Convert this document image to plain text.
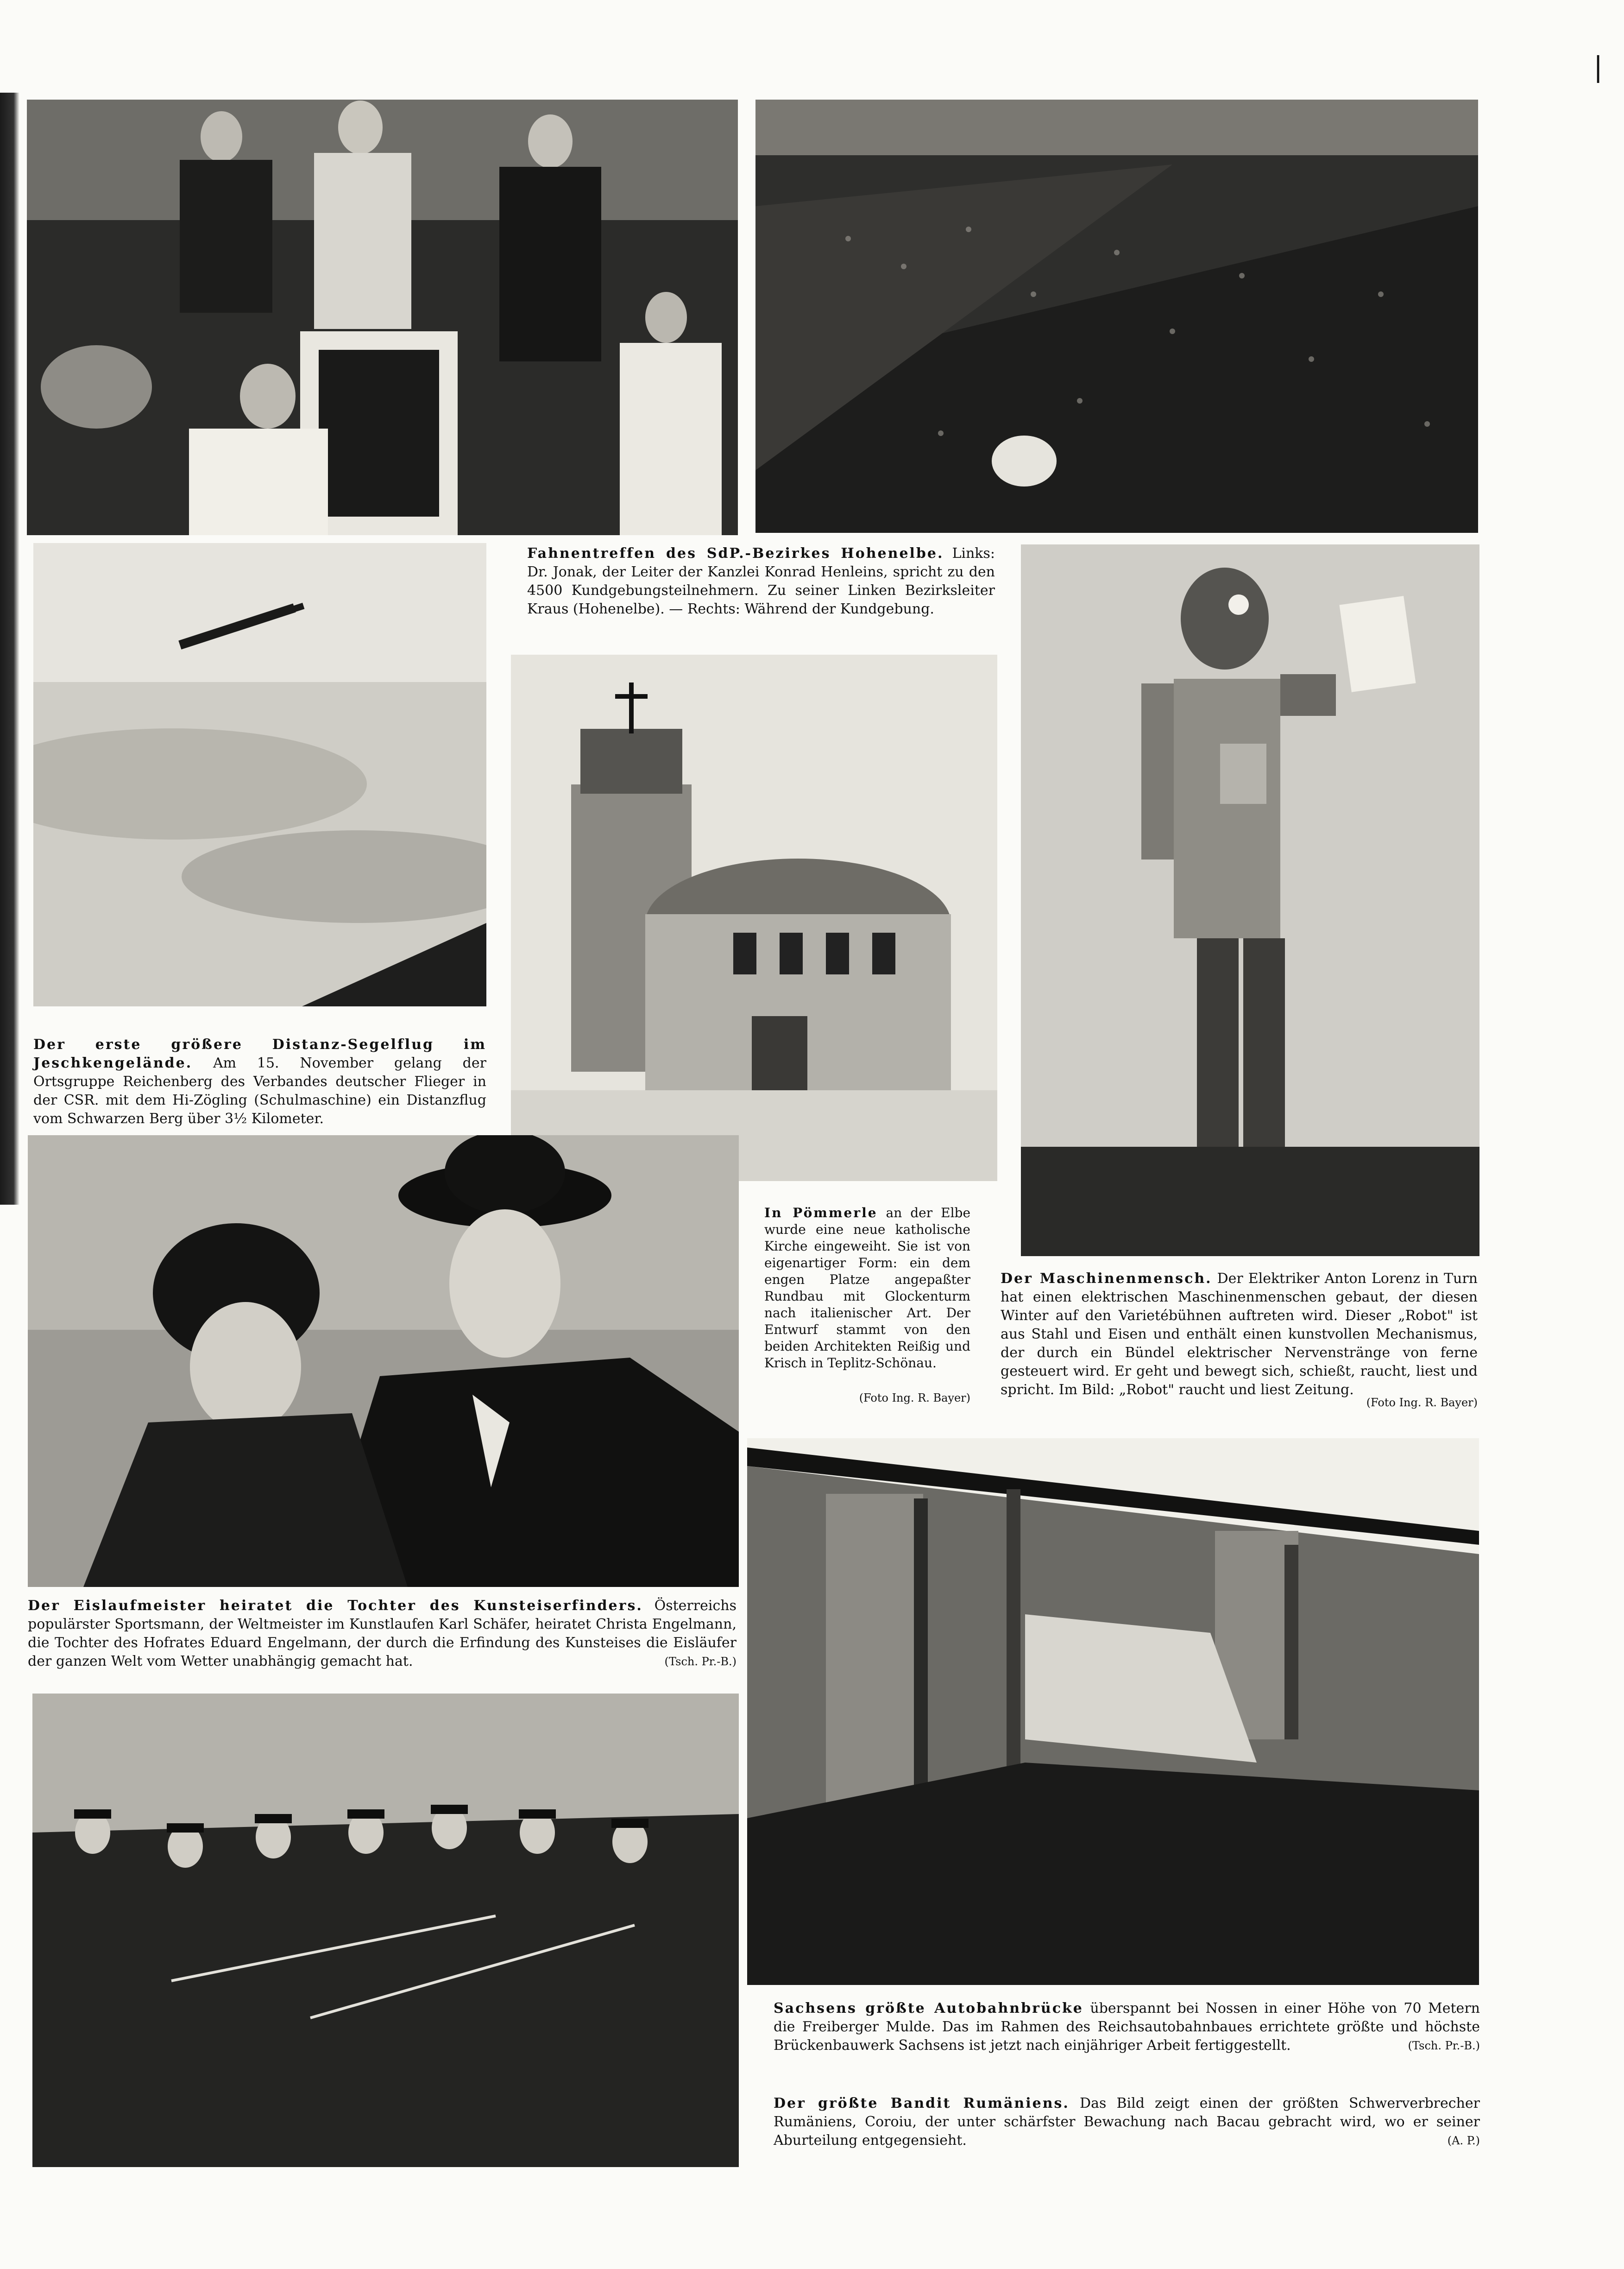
|
Fahnentreffen des SdP.-Bezirkes Hohenelbe. Links: Dr. Jonak, der Leiter der Kanzlei Konrad Henleins, spricht zu den 4500 Kundgebungsteilnehmern. Zu seiner Linken Bezirksleiter Kraus (Hohenelbe). — Rechts: Während der Kundgebung.
Der erste größere Distanz-Segelflug im Jeschkengelände. Am 15. November gelang der Ortsgruppe Reichenberg des Verbandes deutscher Flieger in der CSR. mit dem Hi-Zögling (Schulmaschine) ein Distanzflug vom Schwarzen Berg über 3½ Kilometer.
In Pömmerle an der Elbe wurde eine neue katholische Kirche eingeweiht. Sie ist von eigenartiger Form: ein dem engen Platze angepaßter Rundbau mit Glockenturm nach italienischer Art. Der Entwurf stammt von den beiden Architekten Reißig und Krisch in Teplitz-Schönau.
(Foto Ing. R. Bayer)
Der Maschinenmensch. Der Elektriker Anton Lorenz in Turn hat einen elektrischen Maschinenmenschen gebaut, der diesen Winter auf den Varietébühnen auftreten wird. Dieser „Robot" ist aus Stahl und Eisen und enthält einen kunstvollen Mechanismus, der durch ein Bündel elektrischer Nervenstränge von ferne gesteuert wird. Er geht und bewegt sich, schießt, raucht, liest und spricht. Im Bild: „Robot" raucht und liest Zeitung.
(Foto Ing. R. Bayer)
Der Eislaufmeister heiratet die Tochter des Kunsteiserfinders. Österreichs populärster Sportsmann, der Weltmeister im Kunstlaufen Karl Schäfer, heiratet Christa Engelmann, die Tochter des Hofrates Eduard Engelmann, der durch die Erfindung des Kunsteises die Eisläufer der ganzen Welt vom Wetter unabhängig gemacht hat.	(Tsch. Pr.-B.)
Sachsens größte Autobahnbrücke überspannt bei Nossen in einer Höhe von 70 Metern die Freiberger Mulde. Das im Rahmen des Reichsautobahnbaues errichtete größte und höchste Brückenbauwerk Sachsens ist jetzt nach einjähriger Arbeit fertiggestellt.	(Tsch. Pr.-B.)
Der größte Bandit Rumäniens. Das Bild zeigt einen der größten Schwerverbrecher Rumäniens, Coroiu, der unter schärfster Bewachung nach Bacau gebracht wird, wo er seiner Aburteilung entgegensieht.	(A. P.)
